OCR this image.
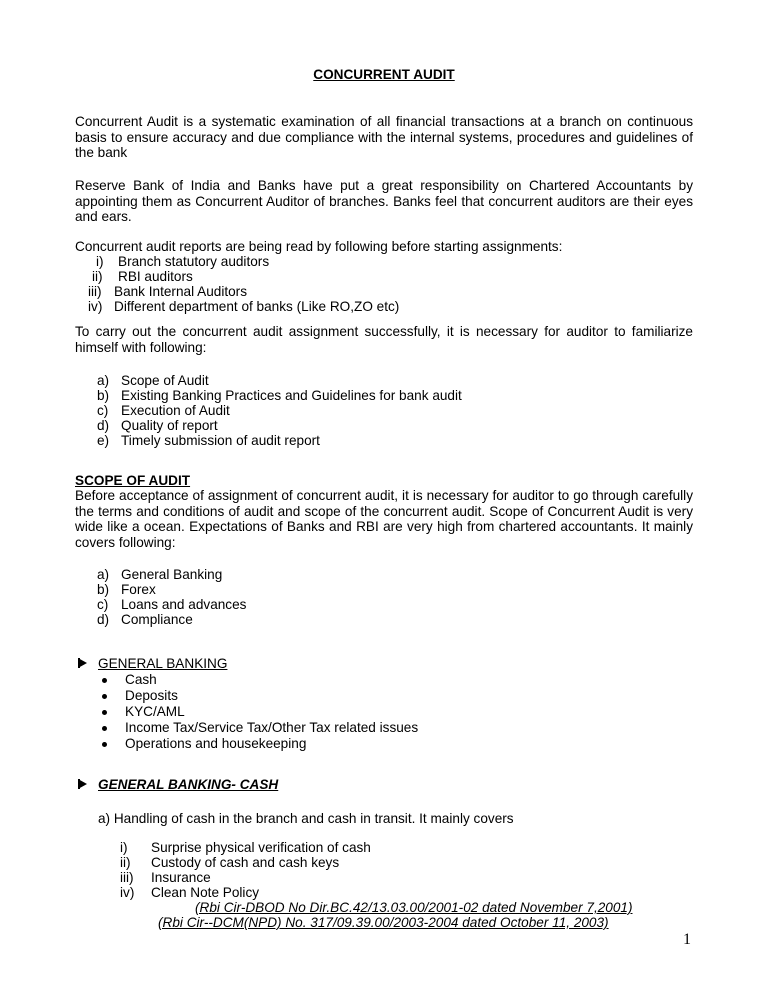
CONCURRENT AUDIT
Concurrent Audit is a systematic examination of all financial transactions at a branch on continuous basis to ensure accuracy and due compliance with the internal systems, procedures and guidelines of the bank
Reserve Bank of India and Banks have put a great responsibility on Chartered Accountants by appointing them as Concurrent Auditor of branches. Banks feel that concurrent auditors are their eyes and ears.
Concurrent audit reports are being read by following before starting assignments:
i) Branch statutory auditors
ii) RBI auditors
iii) Bank Internal Auditors
iv) Different department of banks (Like RO,ZO etc)
To carry out the concurrent audit assignment successfully, it is necessary for auditor to familiarize himself with following:
a) Scope of Audit
b) Existing Banking Practices and Guidelines for bank audit
c) Execution of Audit
d) Quality of report
e) Timely submission of audit report
SCOPE OF AUDIT
Before acceptance of assignment of concurrent audit, it is necessary for auditor to go through carefully the terms and conditions of audit and scope of the concurrent audit. Scope of Concurrent Audit is very wide like a ocean. Expectations of Banks and RBI are very high from chartered accountants. It mainly covers following:
a) General Banking
b) Forex
c) Loans and advances
d) Compliance
GENERAL BANKING
Cash
Deposits
KYC/AML
Income Tax/Service Tax/Other Tax related issues
Operations and housekeeping
GENERAL BANKING- CASH
a) Handling of cash in the branch and cash in transit. It mainly covers
i) Surprise physical verification of cash
ii) Custody of cash and cash keys
iii) Insurance
iv) Clean Note Policy
(Rbi Cir-DBOD No Dir.BC.42/13.03.00/2001-02 dated November 7,2001)
(Rbi Cir--DCM(NPD) No. 317/09.39.00/2003-2004 dated October 11, 2003)
1
